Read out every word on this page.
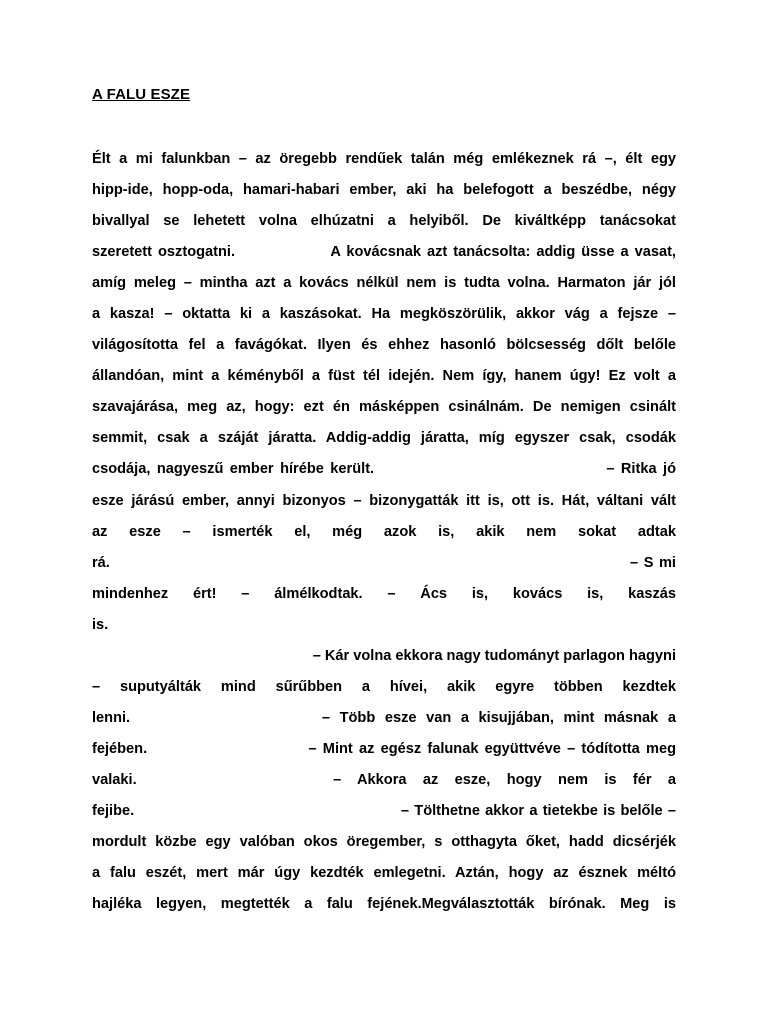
A FALU ESZE
Élt a mi falunkban – az öregebb rendűek talán még emlékeznek rá –, élt egy
hipp-ide, hopp-oda, hamari-habari ember, aki ha belefogott a beszédbe, négy
bivallyal se lehetett volna elhúzatni a helyiből. De kiváltképp tanácsokat
szeretett osztogatni.                A kovácsnak azt tanácsolta: addig üsse a vasat,
amíg meleg – mintha azt a kovács nélkül nem is tudta volna. Harmaton jár jól
a kasza! – oktatta ki a kaszásokat. Ha megköszörülik, akkor vág a fejsze –
világosította fel a favágókat. Ilyen és ehhez hasonló bölcsesség dőlt belőle
állandóan, mint a kéményből a füst tél idején. Nem így, hanem úgy! Ez volt a
szavajárása, meg az, hogy: ezt én másképpen csinálnám. De nemigen csinált
semmit, csak a száját járatta. Addig-addig járatta, míg egyszer csak, csodák
csodája, nagyeszű ember hírébe került.                                    – Ritka jó
esze járású ember, annyi bizonyos – bizonygatták itt is, ott is. Hát, váltani vált
az esze – ismerték el, még azok is, akik nem sokat adtak
rá.                                                                                              – S mi
mindenhez ért! – álmélkodtak. – Ács is, kovács is, kaszás
is.
– Kár volna ekkora nagy tudományt parlagon hagyni
– suputyálták mind sűrűbben a hívei, akik egyre többen kezdtek
lenni.                    – Több esze van a kisujjában, mint másnak a
fejében.                          – Mint az egész falunak együttvéve – tódította meg
valaki.            – Akkora az esze, hogy nem is fér a
fejibe.                                                   – Tölthetne akkor a tietekbe is belőle –
mordult közbe egy valóban okos öregember, s otthagyta őket, hadd dicsérjék
a falu eszét, mert már úgy kezdték emlegetni. Aztán, hogy az észnek méltó
hajléka legyen, megtették a falu fejének.Megválasztották bírónak. Meg is
